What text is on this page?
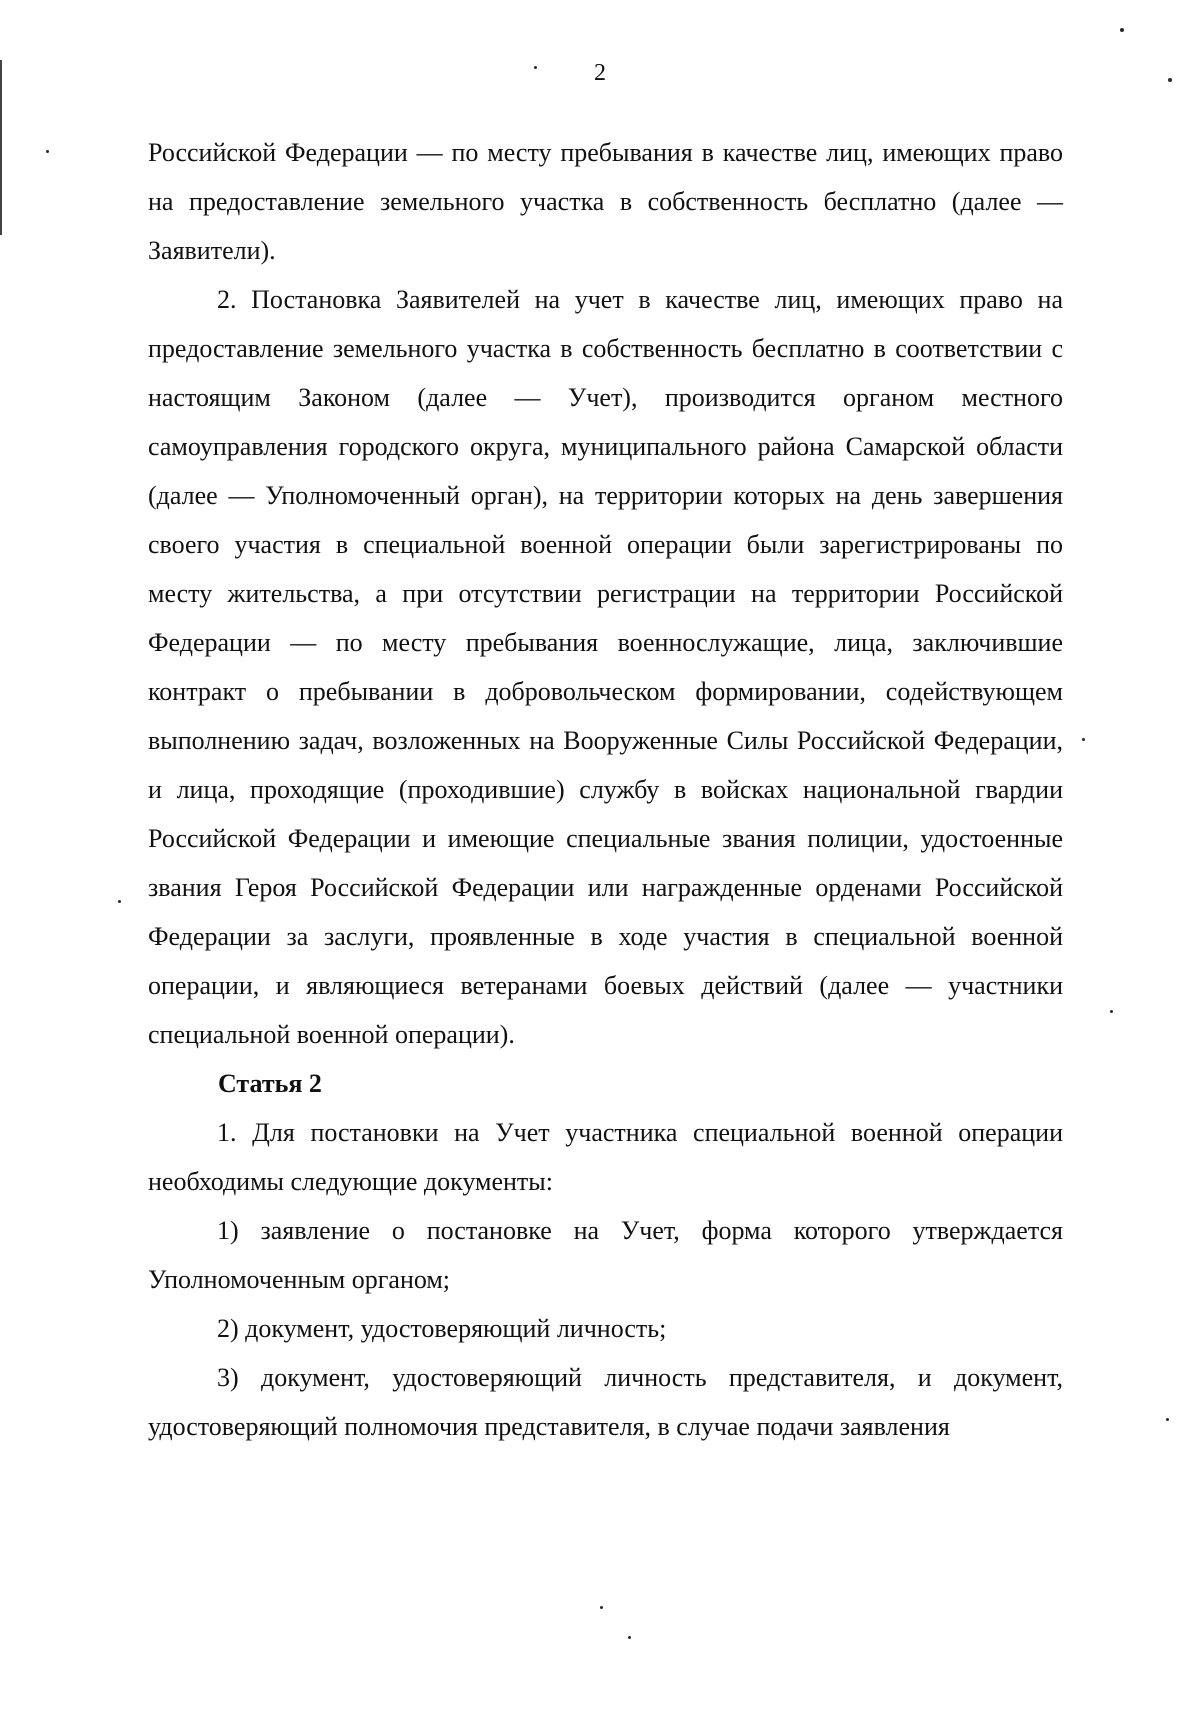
2

Российской Федерации — по месту пребывания в качестве лиц, имеющих право на предоставление земельного участка в собственность бесплатно (далее — Заявители).

2. Постановка Заявителей на учет в качестве лиц, имеющих право на предоставление земельного участка в собственность бесплатно в соответствии с настоящим Законом (далее — Учет), производится органом местного самоуправления городского округа, муниципального района Самарской области (далее — Уполномоченный орган), на территории которых на день завершения своего участия в специальной военной операции были зарегистрированы по месту жительства, а при отсутствии регистрации на территории Российской Федерации — по месту пребывания военнослужащие, лица, заключившие контракт о пребывании в добровольческом формировании, содействующем выполнению задач, возложенных на Вооруженные Силы Российской Федерации, и лица, проходящие (проходившие) службу в войсках национальной гвардии Российской Федерации и имеющие специальные звания полиции, удостоенные звания Героя Российской Федерации или награжденные орденами Российской Федерации за заслуги, проявленные в ходе участия в специальной военной операции, и являющиеся ветеранами боевых действий (далее — участники специальной военной операции).

Статья 2

1. Для постановки на Учет участника специальной военной операции необходимы следующие документы:

1) заявление о постановке на Учет, форма которого утверждается Уполномоченным органом;

2) документ, удостоверяющий личность;

3) документ, удостоверяющий личность представителя, и документ, удостоверяющий полномочия представителя, в случае подачи заявления
